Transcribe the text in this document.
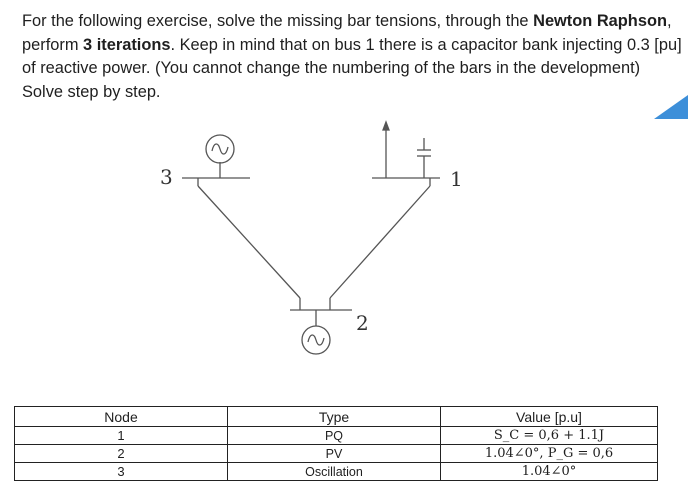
For the following exercise, solve the missing bar tensions, through the Newton Raphson, perform 3 iterations. Keep in mind that on bus 1 there is a capacitor bank injecting 0.3 [pu] of reactive power. (You cannot change the numbering of the bars in the development) Solve step by step.

3	1
2
Node	Type	Value [p.u]
1	PQ	S_C = 0,6 + 1.1J
2	PV	1.04∠0°, P_G = 0,6
3	Oscillation	1.04∠0°
